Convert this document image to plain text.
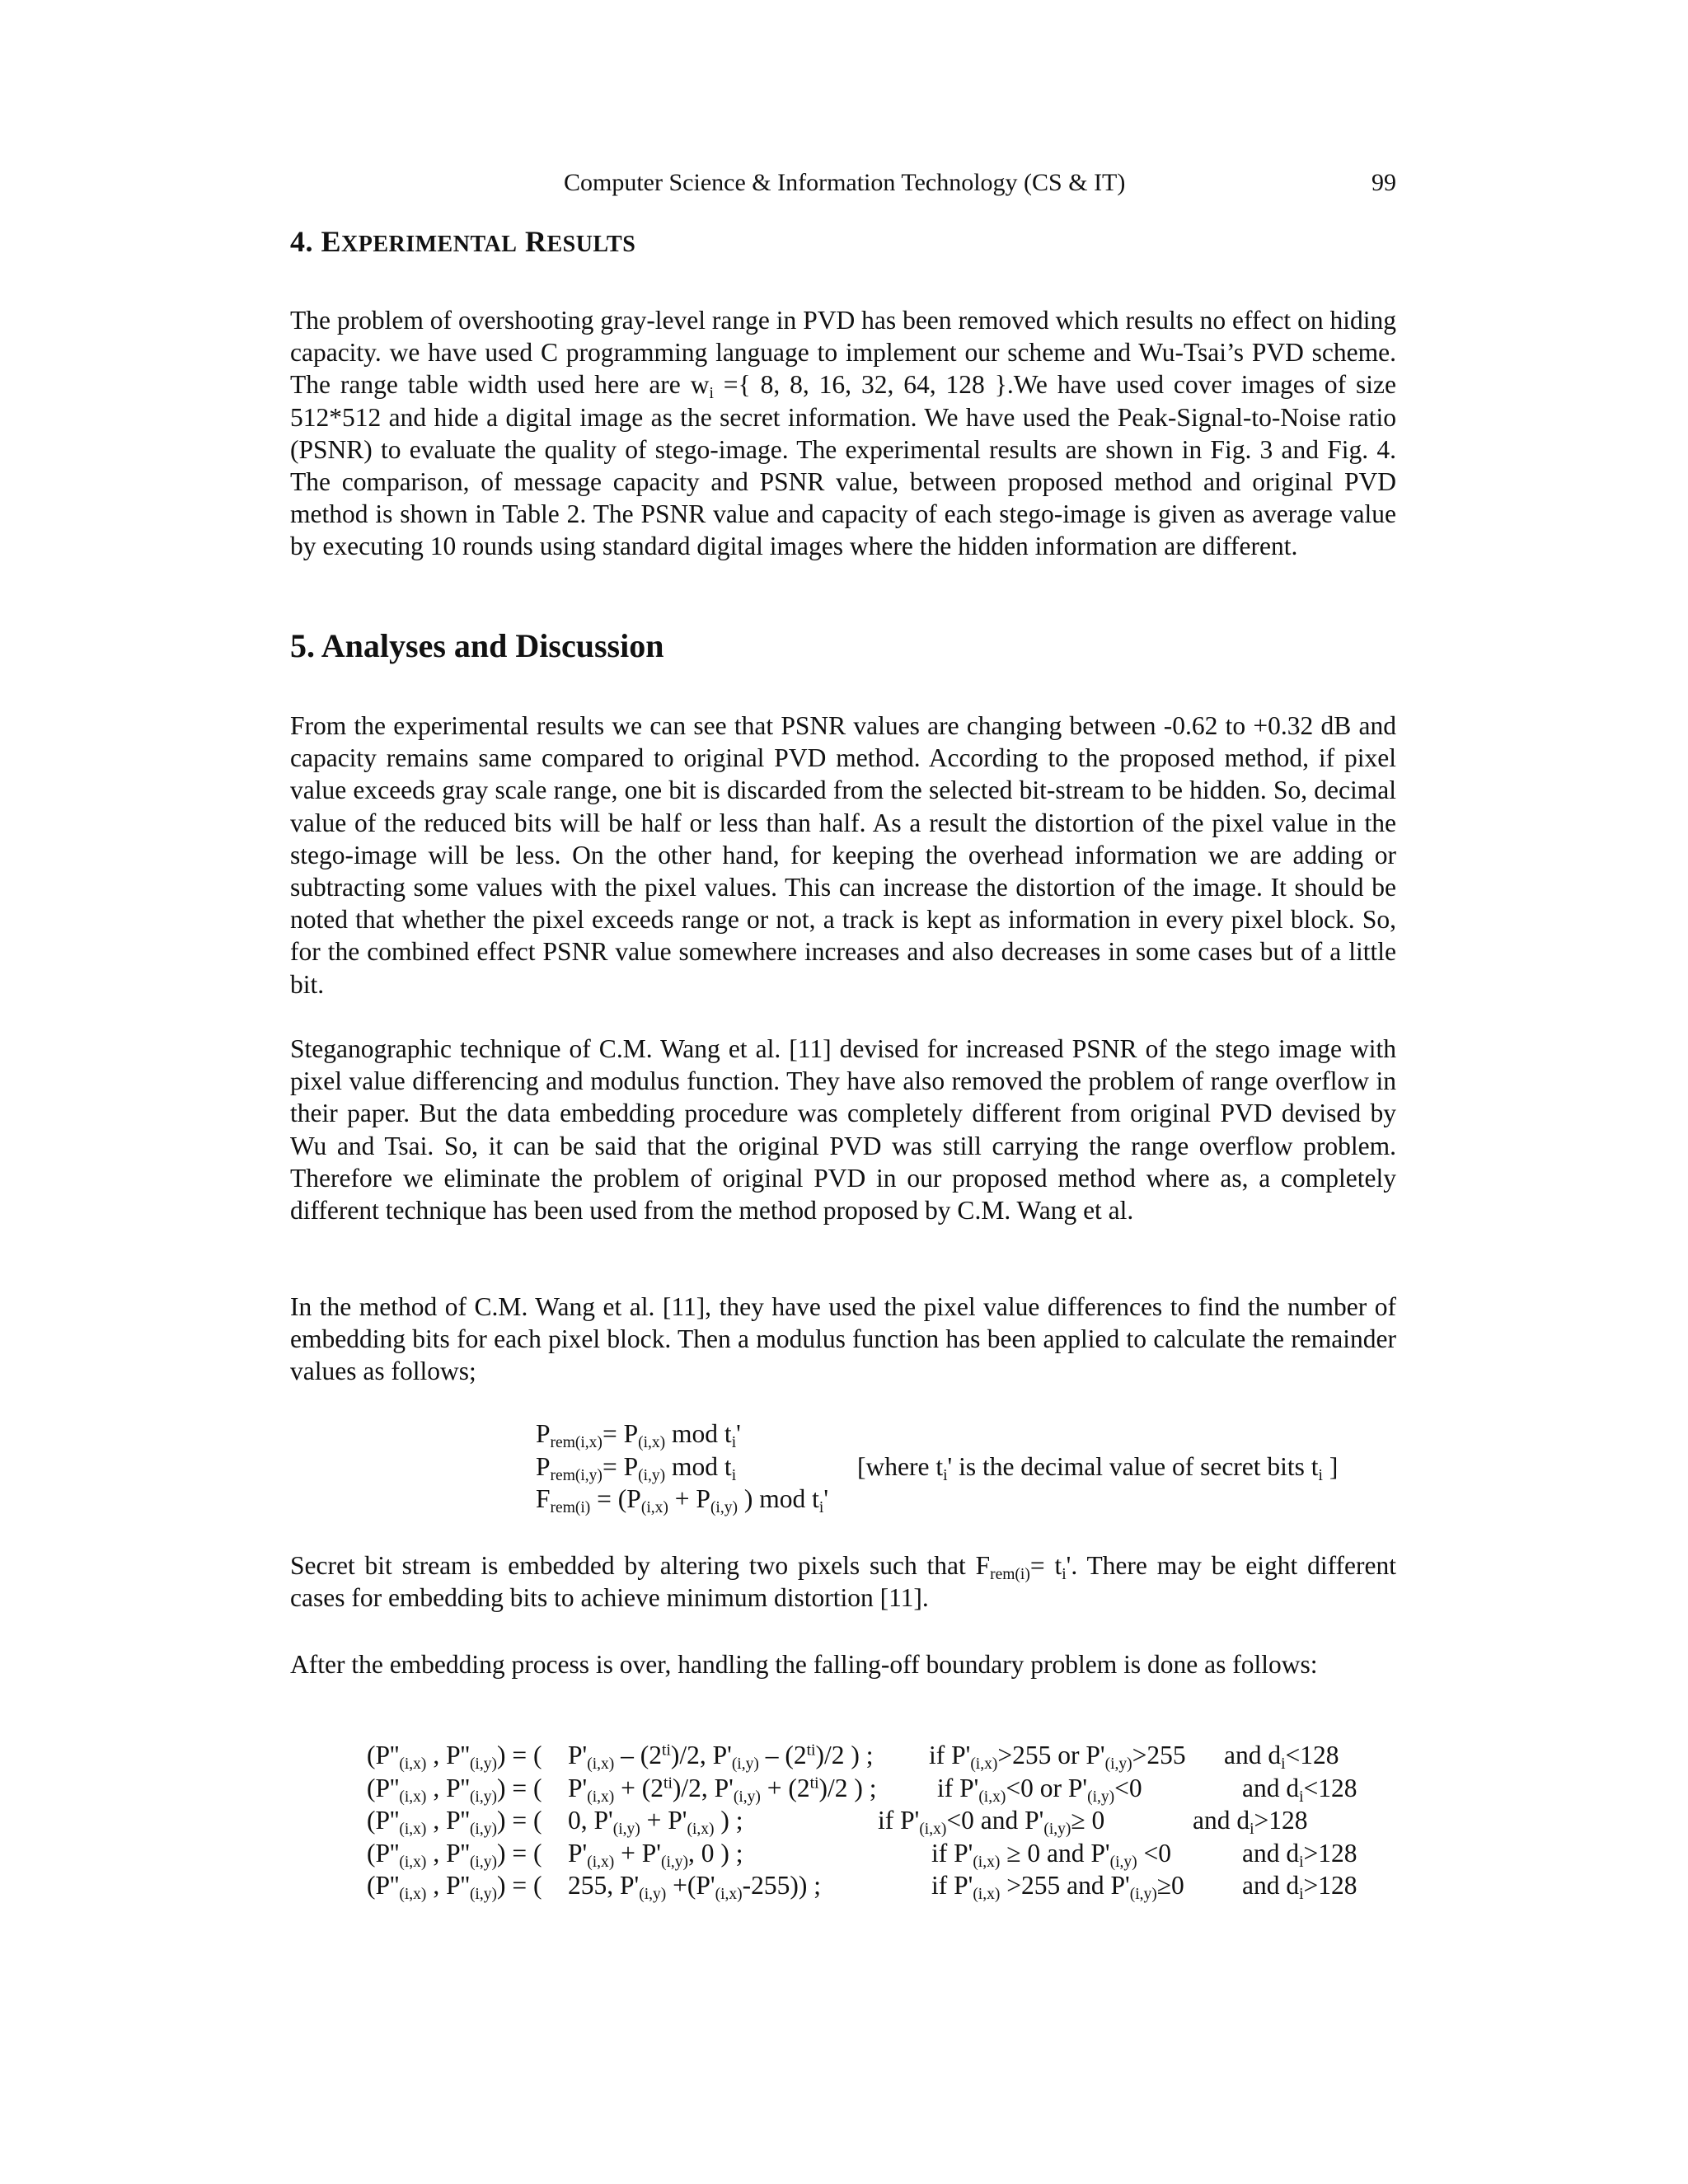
Computer Science & Information Technology (CS & IT)	99
4. EXPERIMENTAL RESULTS

The problem of overshooting gray-level range in PVD has been removed which results no effect on hiding capacity. we have used C programming language to implement our scheme and Wu-Tsai’s PVD scheme. The range table width used here are $w_i$ ={ 8, 8, 16, 32, 64, 128 }.We have used cover images of size 512*512 and hide a digital image as the secret information. We have used the Peak-Signal-to-Noise ratio (PSNR) to evaluate the quality of stego-image. The experimental results are shown in Fig. 3 and Fig. 4. The comparison, of message capacity and PSNR value, between proposed method and original PVD method is shown in Table 2. The PSNR value and capacity of each stego-image is given as average value by executing 10 rounds using standard digital images where the hidden information are different.

5. Analyses and Discussion

From the experimental results we can see that PSNR values are changing between -0.62 to +0.32 dB and capacity remains same compared to original PVD method. According to the proposed method, if pixel value exceeds gray scale range, one bit is discarded from the selected bit-stream to be hidden. So, decimal value of the reduced bits will be half or less than half. As a result the distortion of the pixel value in the stego-image will be less. On the other hand, for keeping the overhead information we are adding or subtracting some values with the pixel values. This can increase the distortion of the image. It should be noted that whether the pixel exceeds range or not, a track is kept as information in every pixel block. So, for the combined effect PSNR value somewhere increases and also decreases in some cases but of a little bit.

Steganographic technique of C.M. Wang et al. [11] devised for increased PSNR of the stego image with pixel value differencing and modulus function. They have also removed the problem of range overflow in their paper. But the data embedding procedure was completely different from original PVD devised by Wu and Tsai. So, it can be said that the original PVD was still carrying the range overflow problem. Therefore we eliminate the problem of original PVD in our proposed method where as, a completely different technique has been used from the method proposed by C.M. Wang et al.

In the method of C.M. Wang et al. [11], they have used the pixel value differences to find the number of embedding bits for each pixel block. Then a modulus function has been applied to calculate the remainder values as follows;

$P_{rem(i,x)}= P_{(i,x)}$ mod $t_i'$
$P_{rem(i,y)}= P_{(i,y)}$ mod $t_i$	[where $t_i'$ is the decimal value of secret bits $t_i$ ]
$F_{rem(i)} = (P_{(i,x)} + P_{(i,y)}$ ) mod $t_i'$

Secret bit stream is embedded by altering two pixels such that $F_{rem(i)}= t_i'$. There may be eight different cases for embedding bits to achieve minimum distortion [11].

After the embedding process is over, handling the falling-off boundary problem is done as follows:

($P''_{(i,x)}$ , $P''_{(i,y)}$) = ( $P'_{(i,x)} - (2^{ti})/2$, $P'_{(i,y)} - (2^{ti})/2$ ) ; if $P'_{(i,x)}>255$ or $P'_{(i,y)}>255$ and $d_i<128$
($P''_{(i,x)}$ , $P''_{(i,y)}$) = ( $P'_{(i,x)} + (2^{ti})/2$, $P'_{(i,y)} + (2^{ti})/2$ ) ; if $P'_{(i,x)}<0$ or $P'_{(i,y)}<0$	and $d_i<128$
($P''_{(i,x)}$ , $P''_{(i,y)}$) = ( 0, $P'_{(i,y)} + P'_{(i,x)}$ ) ;	if $P'_{(i,x)}<0$ and $P'_{(i,y)}\ge 0$	and $d_i>128$
($P''_{(i,x)}$ , $P''_{(i,y)}$) = ( $P'_{(i,x)} + P'_{(i,y)}$, 0 ) ;	if $P'_{(i,x)} \ge 0$ and $P'_{(i,y)} <0$	and $d_i>128$
($P''_{(i,x)}$ , $P''_{(i,y)}$) = ( 255, $P'_{(i,y)} +(P'_{(i,x)}-255)$) ;	if $P'_{(i,x)} >255$ and $P'_{(i,y)}\ge 0$ and $d_i>128$
